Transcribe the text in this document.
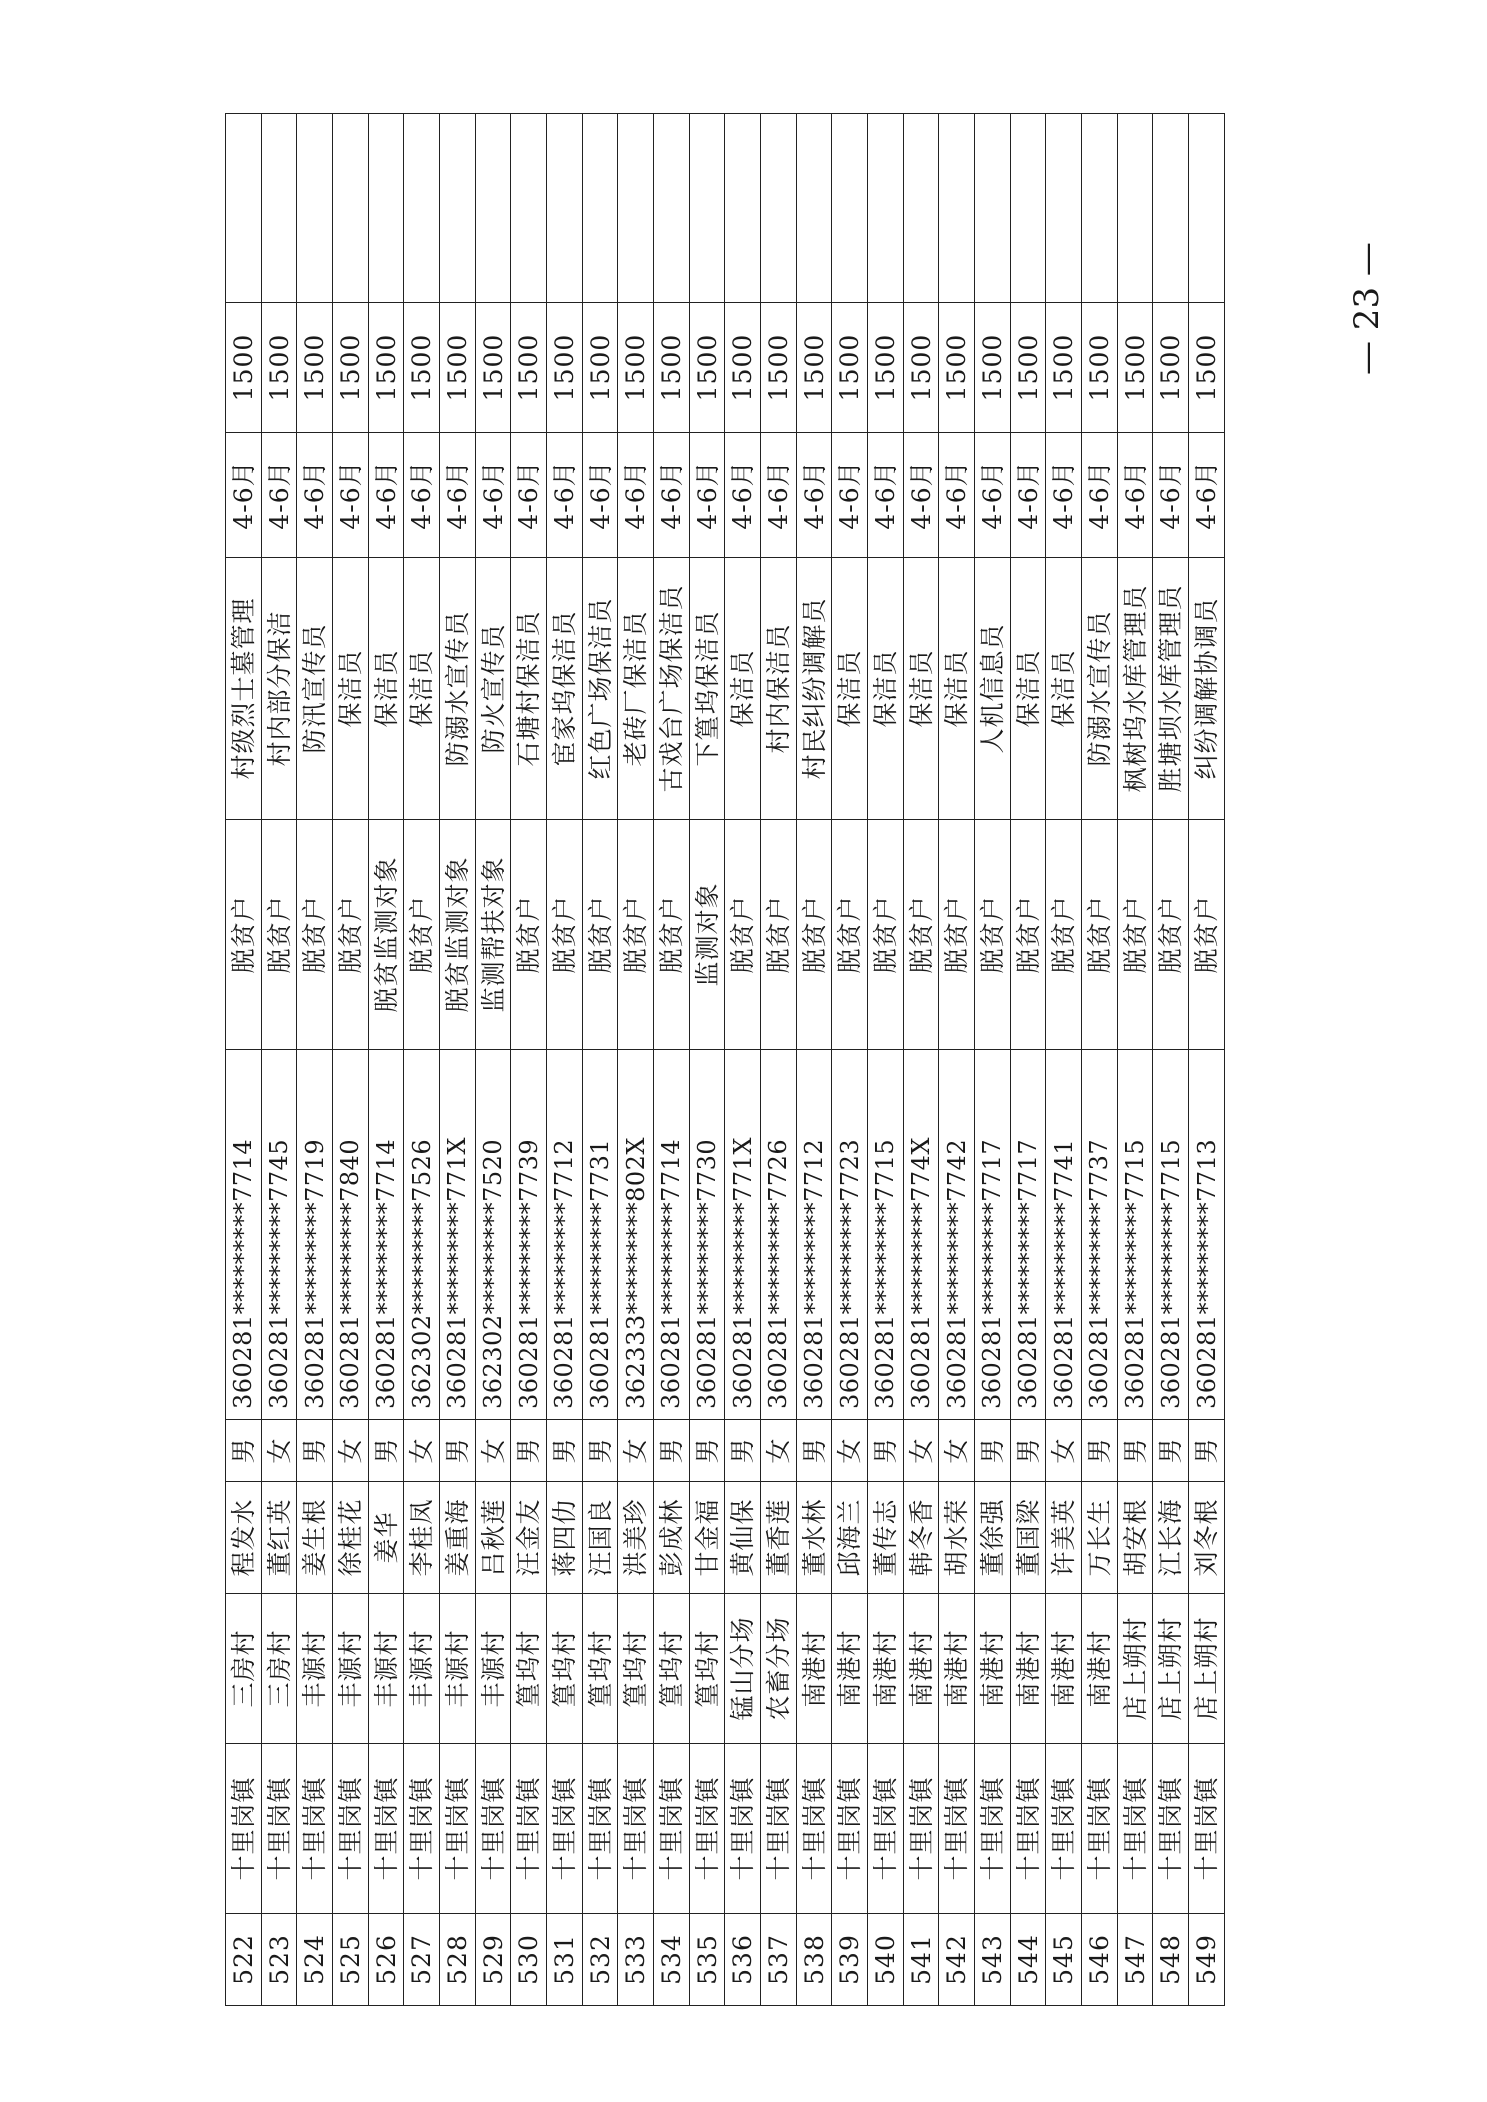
522	十里岗镇	三房村	程发水	男	360281*********7714	脱贫户	村级烈士墓管理	4-6月	1500	
523	十里岗镇	三房村	董红英	女	360281*********7745	脱贫户	村内部分保洁	4-6月	1500	
524	十里岗镇	丰源村	姜生根	男	360281*********7719	脱贫户	防汛宣传员	4-6月	1500	
525	十里岗镇	丰源村	徐桂花	女	360281*********7840	脱贫户	保洁员	4-6月	1500	
526	十里岗镇	丰源村	姜华	男	360281*********7714	脱贫监测对象	保洁员	4-6月	1500	
527	十里岗镇	丰源村	李桂凤	女	362302*********7526	脱贫户	保洁员	4-6月	1500	
528	十里岗镇	丰源村	姜重海	男	360281*********771X	脱贫监测对象	防溺水宣传员	4-6月	1500	
529	十里岗镇	丰源村	吕秋莲	女	362302*********7520	监测帮扶对象	防火宣传员	4-6月	1500	
530	十里岗镇	篁坞村	汪金友	男	360281*********7739	脱贫户	石塘村保洁员	4-6月	1500	
531	十里岗镇	篁坞村	蒋四仂	男	360281*********7712	脱贫户	宦家坞保洁员	4-6月	1500	
532	十里岗镇	篁坞村	汪国良	男	360281*********7731	脱贫户	红色广场保洁员	4-6月	1500	
533	十里岗镇	篁坞村	洪美珍	女	362333*********802X	脱贫户	老砖厂保洁员	4-6月	1500	
534	十里岗镇	篁坞村	彭成林	男	360281*********7714	脱贫户	古戏台广场保洁员	4-6月	1500	
535	十里岗镇	篁坞村	甘金福	男	360281*********7730	监测对象	下篁坞保洁员	4-6月	1500	
536	十里岗镇	锰山分场	黄仙保	男	360281*********771X	脱贫户	保洁员	4-6月	1500	
537	十里岗镇	农畜分场	董香莲	女	360281*********7726	脱贫户	村内保洁员	4-6月	1500	
538	十里岗镇	南港村	董水林	男	360281*********7712	脱贫户	村民纠纷调解员	4-6月	1500	
539	十里岗镇	南港村	邱海兰	女	360281*********7723	脱贫户	保洁员	4-6月	1500	
540	十里岗镇	南港村	董传志	男	360281*********7715	脱贫户	保洁员	4-6月	1500	
541	十里岗镇	南港村	韩冬香	女	360281*********774X	脱贫户	保洁员	4-6月	1500	
542	十里岗镇	南港村	胡水荣	女	360281*********7742	脱贫户	保洁员	4-6月	1500	
543	十里岗镇	南港村	董徐强	男	360281*********7717	脱贫户	人机信息员	4-6月	1500	
544	十里岗镇	南港村	董国梁	男	360281*********7717	脱贫户	保洁员	4-6月	1500	
545	十里岗镇	南港村	许美英	女	360281*********7741	脱贫户	保洁员	4-6月	1500	
546	十里岗镇	南港村	万长生	男	360281*********7737	脱贫户	防溺水宣传员	4-6月	1500	
547	十里岗镇	店上朔村	胡安根	男	360281*********7715	脱贫户	枫树坞水库管理员	4-6月	1500	
548	十里岗镇	店上朔村	江长海	男	360281*********7715	脱贫户	胜塘坝水库管理员	4-6月	1500	
549	十里岗镇	店上朔村	刘冬根	男	360281*********7713	脱贫户	纠纷调解协调员	4-6月	1500		— 23 —
